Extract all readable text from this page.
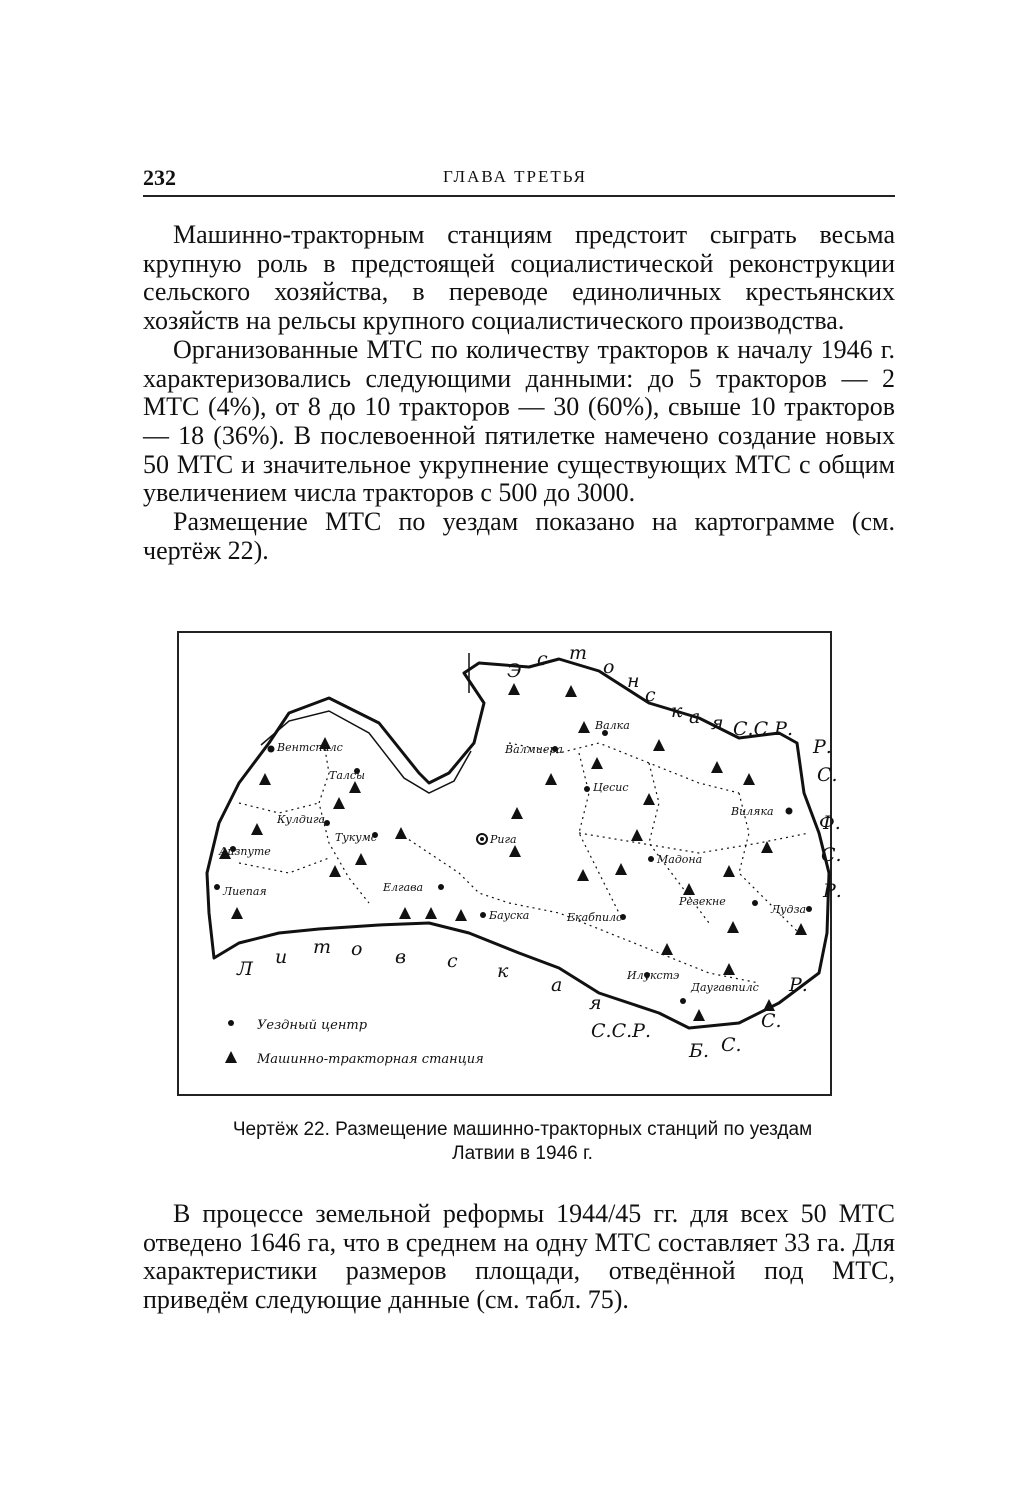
232	ГЛАВА ТРЕТЬЯ

Машинно-тракторным станциям предстоит сыграть весьма крупную роль в предстоящей социалистической реконструкции сельского хозяйства, в переводе единоличных крестьянских хозяйств на рельсы крупного социалистического производства.

Организованные МТС по количеству тракторов к началу 1946 г. характеризовались следующими данными: до 5 тракторов — 2 МТС (4%), от 8 до 10 тракторов — 30 (60%), свыше 10 тракторов — 18 (36%). В послевоенной пятилетке намечено создание новых 50 МТС и значительное укрупнение существующих МТС с общим увеличением числа тракторов с 500 до 3000.

Размещение МТС по уездам показано на картограмме (см. чертёж 22).

Вентспилс
Талсы
Кулдига
Тукумс
Лиепая
Айзпуте
Елгава
Бауска
Валмиера
Валка
Цесис
Виляка
Мадона
Резекне
Екабпилс
Лудза
Илукстэ
Даугавпилс
Рига
Э
с т
о
н
с
к а я С.С.Р.
Р.
С.
Ф.
С.
Р.
Л
и т о в с к
а
я
С.С.Р.
Б. С.
С.
Р.
Уездный центр
Машинно-тракторная станция
Чертёж 22. Размещение машинно-тракторных станций по уездам
Латвии в 1946 г.

В процессе земельной реформы 1944/45 гг. для всех 50 МТС отведено 1646 га, что в среднем на одну МТС составляет 33 га. Для характеристики размеров площади, отведённой под МТС, приведём следующие данные (см. табл. 75).
